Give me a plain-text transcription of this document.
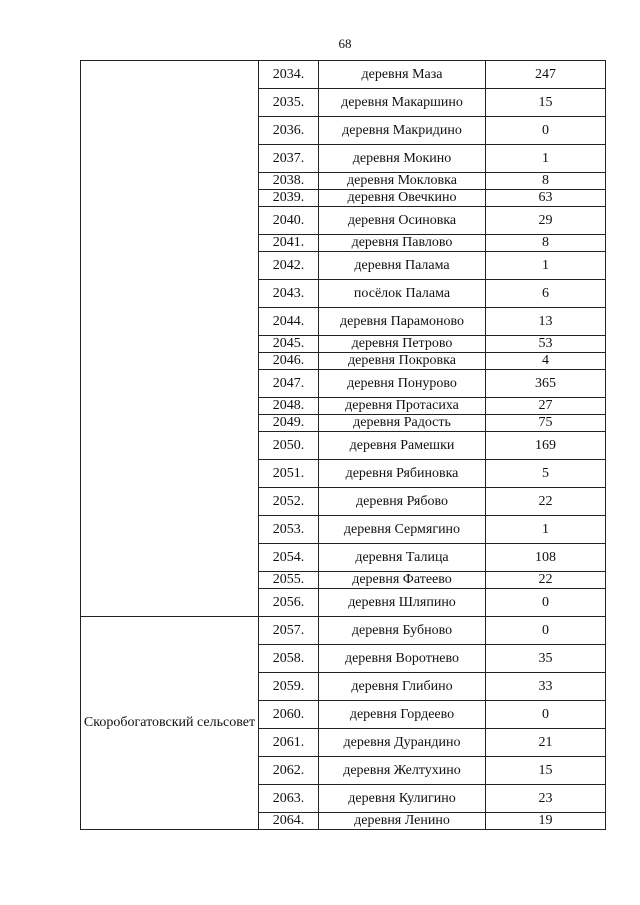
68
	2034.	деревня Маза	247
	2035.	деревня Макаршино	15
	2036.	деревня Макридино	0
	2037.	деревня Мокино	1
	2038.	деревня Мокловка	8
	2039.	деревня Овечкино	63
	2040.	деревня Осиновка	29
	2041.	деревня Павлово	8
	2042.	деревня Палама	1
	2043.	посёлок Палама	6
	2044.	деревня Парамоново	13
	2045.	деревня Петрово	53
	2046.	деревня Покровка	4
	2047.	деревня Понурово	365
	2048.	деревня Протасиха	27
	2049.	деревня Радость	75
	2050.	деревня Рамешки	169
	2051.	деревня Рябиновка	5
	2052.	деревня Рябово	22
	2053.	деревня Сермягино	1
	2054.	деревня Талица	108
	2055.	деревня Фатеево	22
	2056.	деревня Шляпино	0
Скоробогатовский сельсовет	2057.	деревня Бубново	0
	2058.	деревня Воротнево	35
	2059.	деревня Глибино	33
	2060.	деревня Гордеево	0
	2061.	деревня Дурандино	21
	2062.	деревня Желтухино	15
	2063.	деревня Кулигино	23
	2064.	деревня Ленино	19
